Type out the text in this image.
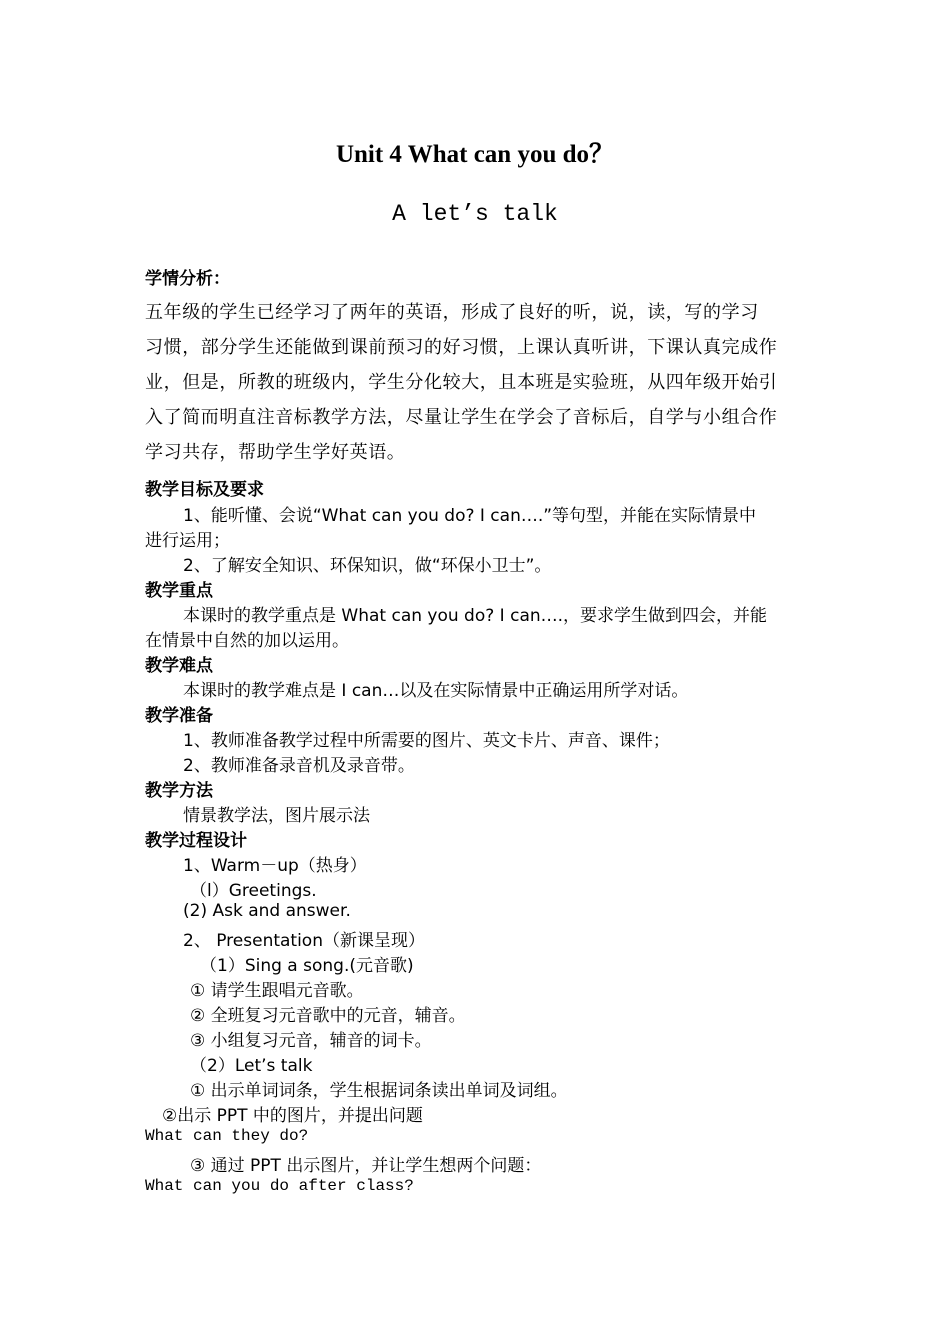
Unit 4 What can you do？
A let’s talk
学情分析：
五年级的学生已经学习了两年的英语，形成了良好的听，说，读，写的学习
习惯，部分学生还能做到课前预习的好习惯，上课认真听讲，下课认真完成作
业，但是，所教的班级内，学生分化较大，且本班是实验班，从四年级开始引
入了简而明直注音标教学方法，尽量让学生在学会了音标后，自学与小组合作
学习共存，帮助学生学好英语。
教学目标及要求
1、能听懂、会说“What can you do? I can….”等句型，并能在实际情景中
进行运用；
2、了解安全知识、环保知识，做“环保小卫士”。
教学重点
本课时的教学重点是 What can you do? I can….，要求学生做到四会，并能
在情景中自然的加以运用。
教学难点
本课时的教学难点是 I can…以及在实际情景中正确运用所学对话。
教学准备
1、教师准备教学过程中所需要的图片、英文卡片、声音、课件；
2、教师准备录音机及录音带。
教学方法
情景教学法，图片展示法
教学过程设计
1、Warm－up（热身）
（l）Greetings.
(2) Ask and answer.
2、 Presentation（新课呈现）
（1）Sing a song.(元音歌)
① 请学生跟唱元音歌。
② 全班复习元音歌中的元音，辅音。
③ 小组复习元音，辅音的词卡。
（2）Let’s talk
① 出示单词词条，学生根据词条读出单词及词组。
②出示 PPT 中的图片，并提出问题
What can they do?
③ 通过 PPT 出示图片，并让学生想两个问题：
What can you do after class?
